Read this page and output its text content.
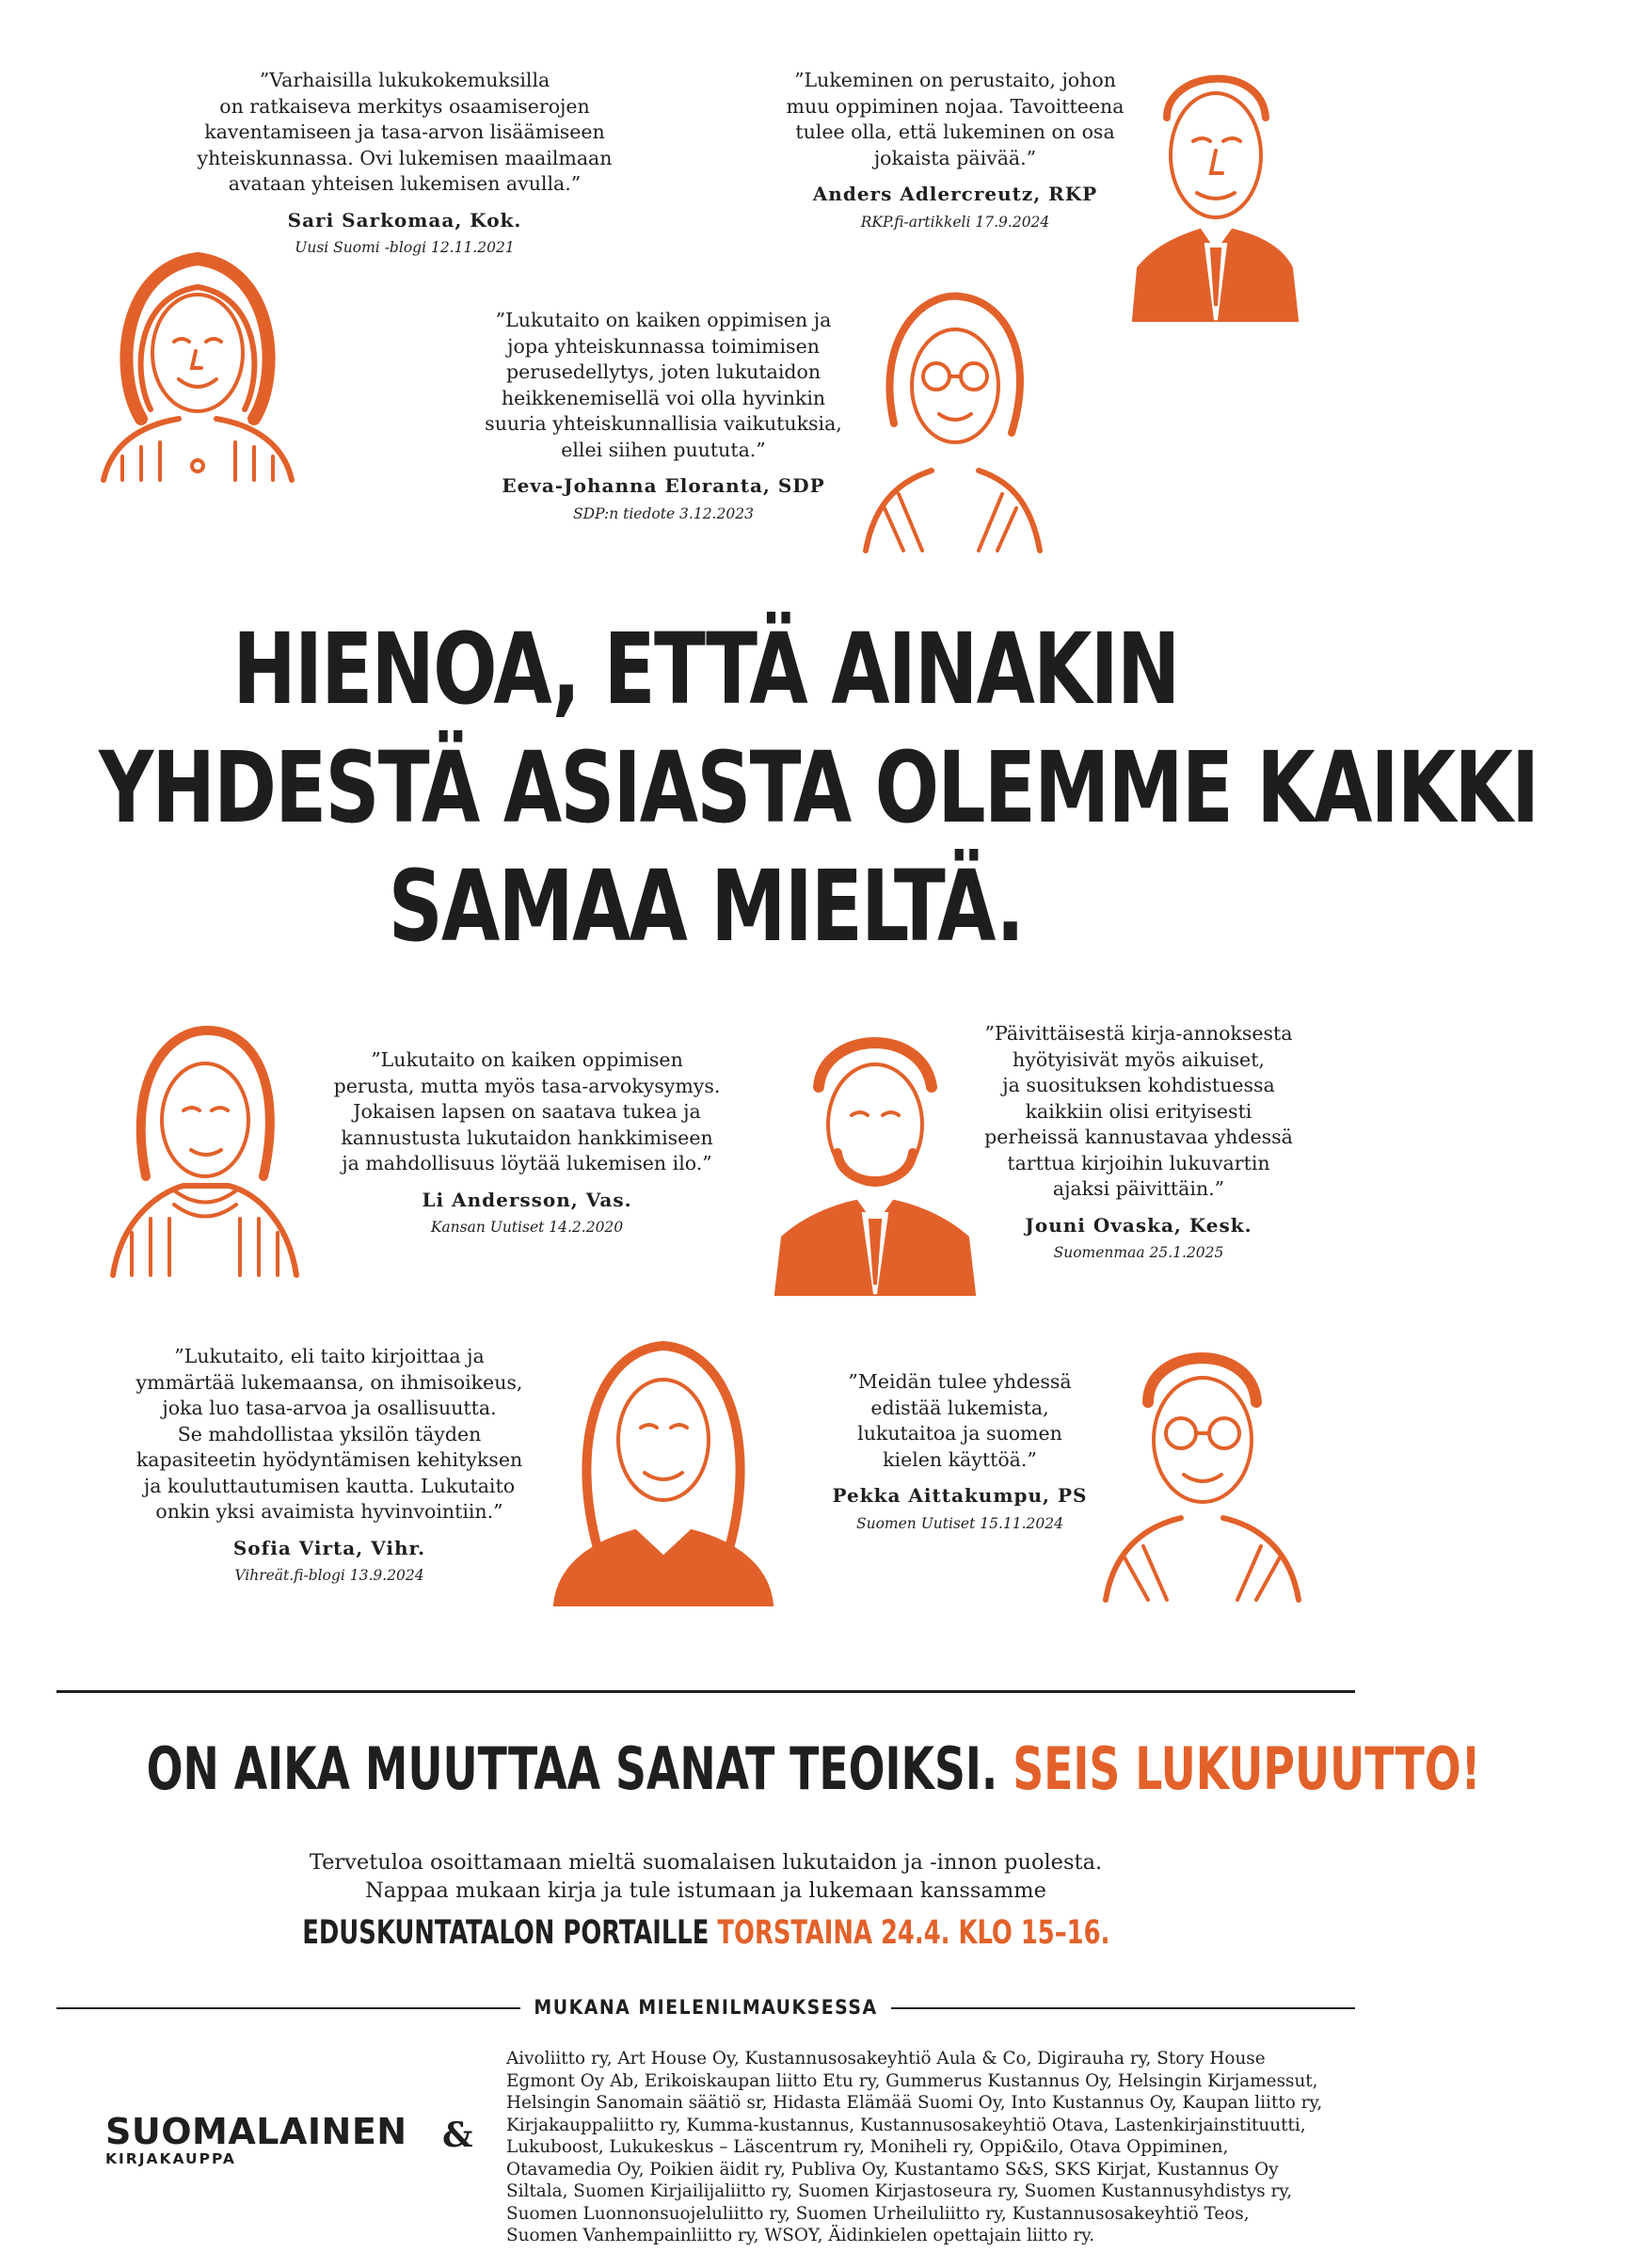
”Varhaisilla lukukokemuksilla
on ratkaiseva merkitys osaamiserojen
kaventamiseen ja tasa-arvon lisäämiseen
yhteiskunnassa. Ovi lukemisen maailmaan
avataan yhteisen lukemisen avulla.”
Sari Sarkomaa, Kok.
Uusi Suomi -blogi 12.11.2021
”Lukeminen on perustaito, johon
muu oppiminen nojaa. Tavoitteena
tulee olla, että lukeminen on osa
jokaista päivää.”
Anders Adlercreutz, RKP
RKP.fi-artikkeli 17.9.2024
”Lukutaito on kaiken oppimisen ja
jopa yhteiskunnassa toimimisen
perusedellytys, joten lukutaidon
heikkenemisellä voi olla hyvinkin
suuria yhteiskunnallisia vaikutuksia,
ellei siihen puututa.”
Eeva-Johanna Eloranta, SDP
SDP:n tiedote 3.12.2023
”Lukutaito on kaiken oppimisen
perusta, mutta myös tasa-arvokysymys.
Jokaisen lapsen on saatava tukea ja
kannustusta lukutaidon hankkimiseen
ja mahdollisuus löytää lukemisen ilo.”
Li Andersson, Vas.
Kansan Uutiset 14.2.2020
”Päivittäisestä kirja-annoksesta
hyötyisivät myös aikuiset,
ja suosituksen kohdistuessa
kaikkiin olisi erityisesti
perheissä kannustavaa yhdessä
tarttua kirjoihin lukuvartin
ajaksi päivittäin.”
Jouni Ovaska, Kesk.
Suomenmaa 25.1.2025
”Lukutaito, eli taito kirjoittaa ja
ymmärtää lukemaansa, on ihmisoikeus,
joka luo tasa-arvoa ja osallisuutta.
Se mahdollistaa yksilön täyden
kapasiteetin hyödyntämisen kehityksen
ja kouluttautumisen kautta. Lukutaito
onkin yksi avaimista hyvinvointiin.”
Sofia Virta, Vihr.
Vihreät.fi-blogi 13.9.2024
”Meidän tulee yhdessä
edistää lukemista,
lukutaitoa ja suomen
kielen käyttöä.”
Pekka Aittakumpu, PS
Suomen Uutiset 15.11.2024
HIENOA, ETTÄ AINAKIN
YHDESTÄ ASIASTA OLEMME KAIKKI
SAMAA MIELTÄ.
ON AIKA MUUTTAA SANAT TEOIKSI. SEIS LUKUPUUTTO!

Tervetuloa osoittamaan mieltä suomalaisen lukutaidon ja -innon puolesta.

Nappaa mukaan kirja ja tule istumaan ja lukemaan kanssamme

EDUSKUNTATALON PORTAILLE TORSTAINA 24.4. KLO 15–16.
MUKANA MIELENILMAUKSESSA
SUOMALAINEN
KIRJAKAUPPA
&
Aivoliitto ry, Art House Oy, Kustannusosakeyhtiö Aula & Co, Digirauha ry, Story House
Egmont Oy Ab, Erikoiskaupan liitto Etu ry, Gummerus Kustannus Oy, Helsingin Kirjamessut,
Helsingin Sanomain säätiö sr, Hidasta Elämää Suomi Oy, Into Kustannus Oy, Kaupan liitto ry,
Kirjakauppaliitto ry, Kumma-kustannus, Kustannusosakeyhtiö Otava, Lastenkirjainstituutti,
Lukuboost, Lukukeskus – Läscentrum ry, Moniheli ry, Oppi&ilo, Otava Oppiminen,
Otavamedia Oy, Poikien äidit ry, Publiva Oy, Kustantamo S&S, SKS Kirjat, Kustannus Oy
Siltala, Suomen Kirjailijaliitto ry, Suomen Kirjastoseura ry, Suomen Kustannusyhdistys ry,
Suomen Luonnonsuojeluliitto ry, Suomen Urheiluliitto ry, Kustannusosakeyhtiö Teos,
Suomen Vanhempainliitto ry, WSOY, Äidinkielen opettajain liitto ry.
